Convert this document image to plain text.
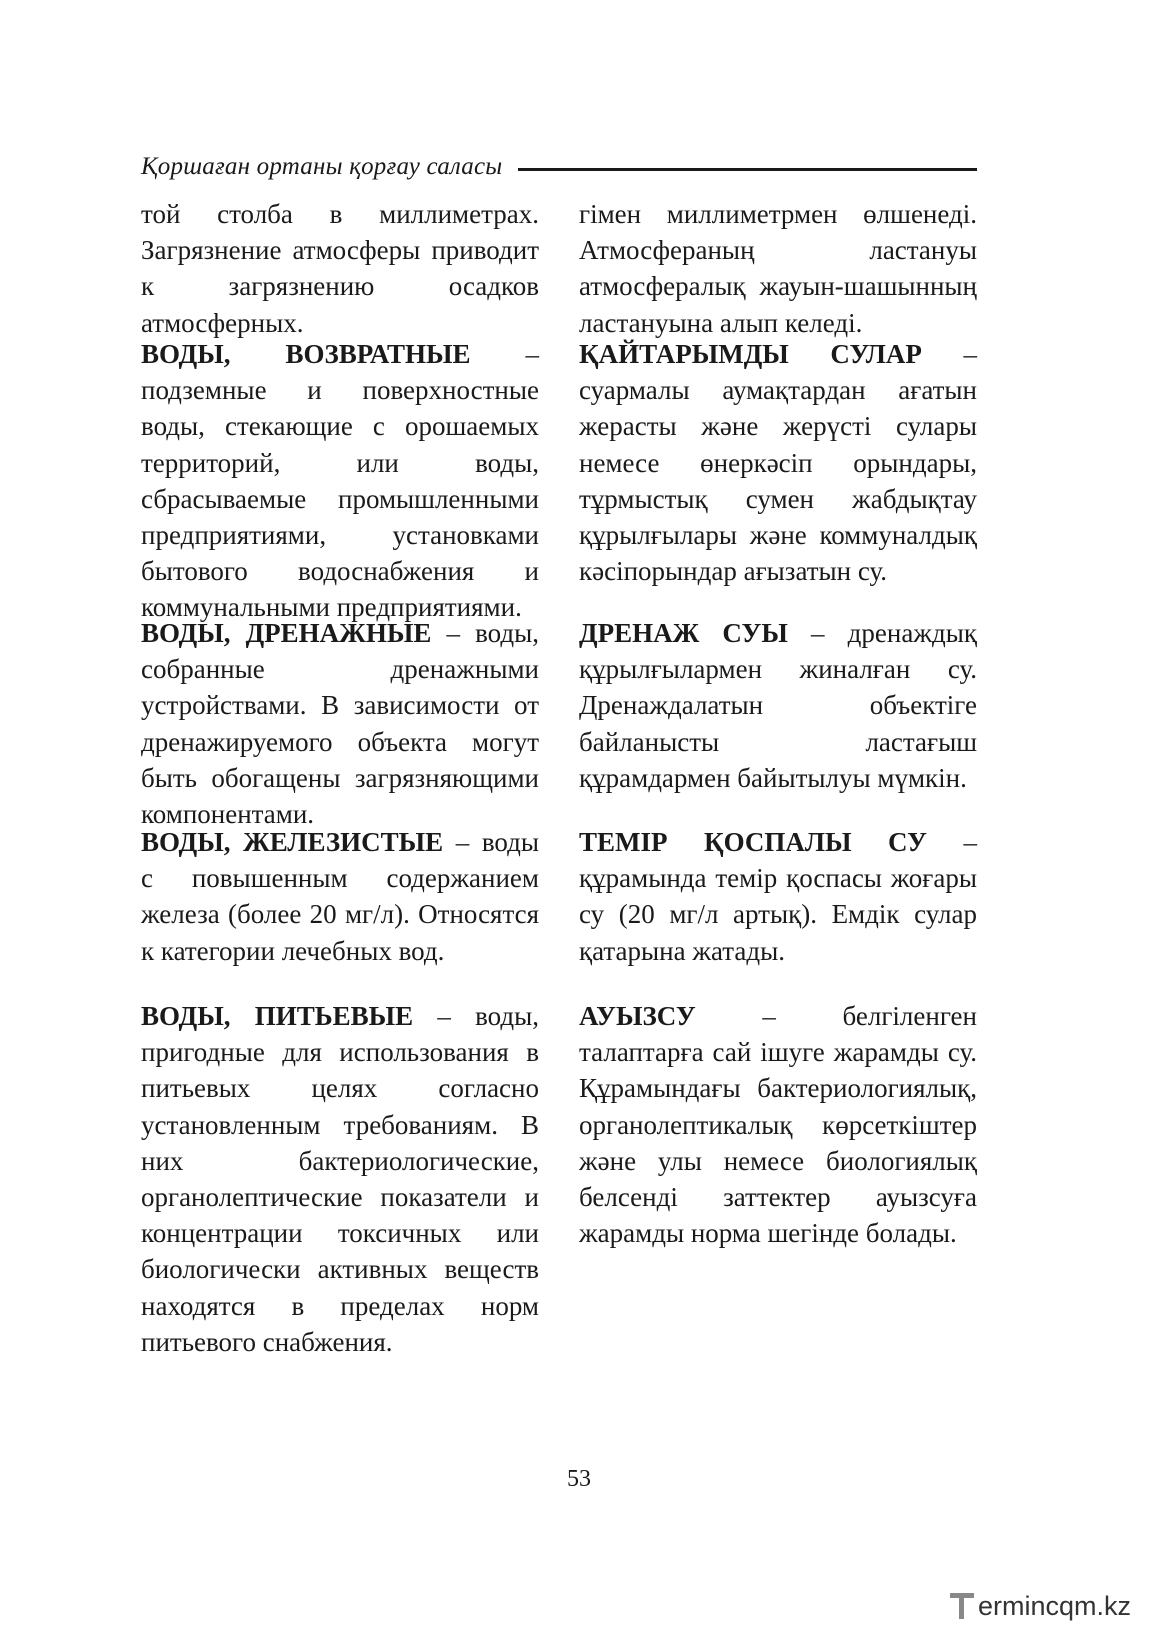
Қоршаған ортаны қорғау саласы

той столба в миллиметрах. Загрязнение атмосферы приводит к загрязнению осадков атмосферных.

ВОДЫ, ВОЗВРАТНЫЕ – подземные и поверхностные воды, стекающие с орошаемых территорий, или воды, сбрасываемые промышленными предприятиями, установками бытового водоснабжения и коммунальными предприятиями.

ВОДЫ, ДРЕНАЖНЫЕ – воды, собранные дренажными устройствами. В зависимости от дренажируемого объекта могут быть обогащены загрязняющими компонентами.

ВОДЫ, ЖЕЛЕЗИСТЫЕ – воды с повышенным содержанием железа (более 20 мг/л). Относятся к категории лечебных вод.

ВОДЫ, ПИТЬЕВЫЕ – воды, пригодные для использования в питьевых целях согласно установленным требованиям. В них бактериологические, органолептические показатели и концентрации токсичных или биологически активных веществ находятся в пределах норм питьевого снабжения.

гімен миллиметрмен өлшенеді. Атмосфераның ластануы атмосфералық жауын-шашынның ластануына алып келеді.

ҚАЙТАРЫМДЫ СУЛАР – суармалы аумақтардан ағатын жерасты және жерүсті сулары немесе өнеркәсіп орындары, тұрмыстық сумен жабдықтау құрылғылары және коммуналдық кәсіпорындар ағызатын су.

ДРЕНАЖ СУЫ – дренаждық құрылғылармен жиналған су. Дренаждалатын объектіге байланысты ластағыш құрамдармен байытылуы мүмкін.

ТЕМІР ҚОСПАЛЫ СУ – құрамында темір қоспасы жоғары су (20 мг/л артық). Емдік сулар қатарына жатады.

АУЫЗСУ – белгіленген талаптарға сай ішуге жарамды су. Құрамындағы бактериологиялық, органолептикалық көрсеткіштер және улы немесе биологиялық белсенді заттектер ауызсуға жарамды норма шегінде болады.

53
ermincqm.kz
